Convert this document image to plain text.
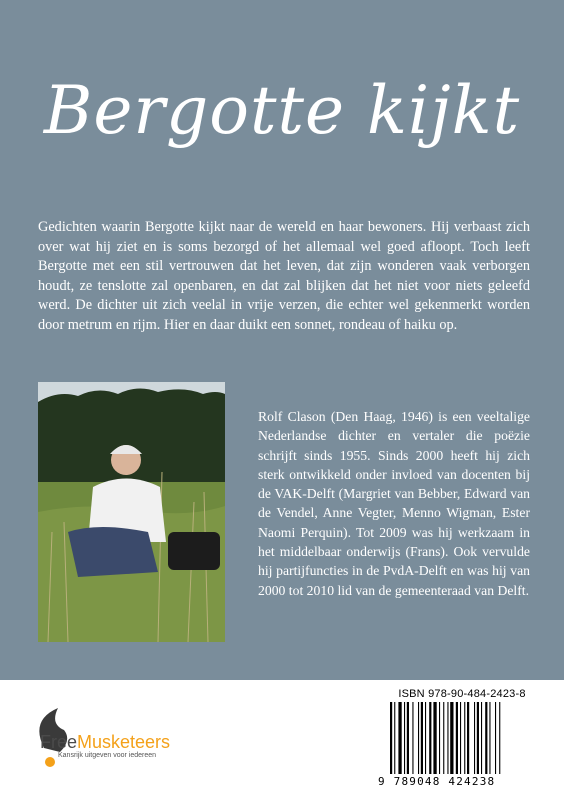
Bergotte kijkt
Gedichten waarin Bergotte kijkt naar de wereld en haar bewoners. Hij verbaast zich over wat hij ziet en is soms bezorgd of het allemaal wel goed afloopt. Toch leeft Bergotte met een stil vertrouwen dat het leven, dat zijn wonderen vaak verborgen houdt, ze tenslotte zal openbaren, en dat zal blijken dat het niet voor niets geleefd werd. De dichter uit zich veelal in vrije verzen, die echter wel gekenmerkt worden door metrum en rijm. Hier en daar duikt een sonnet, rondeau of haiku op.
Rolf Clason (Den Haag, 1946) is een veeltalige Nederlandse dichter en vertaler die poëzie schrijft sinds 1955. Sinds 2000 heeft hij zich sterk ontwikkeld onder invloed van docenten bij de VAK-Delft (Margriet van Bebber, Edward van de Vendel, Anne Vegter, Menno Wigman, Ester Naomi Perquin). Tot 2009 was hij werkzaam in het middelbaar onderwijs (Frans). Ook vervulde hij partijfuncties in de PvdA-Delft en was hij van 2000 tot 2010 lid van de gemeenteraad van Delft.
FreeMusketeers
Kansrijk uitgeven voor iedereen
ISBN 978-90-484-2423-8
9 789048 424238
